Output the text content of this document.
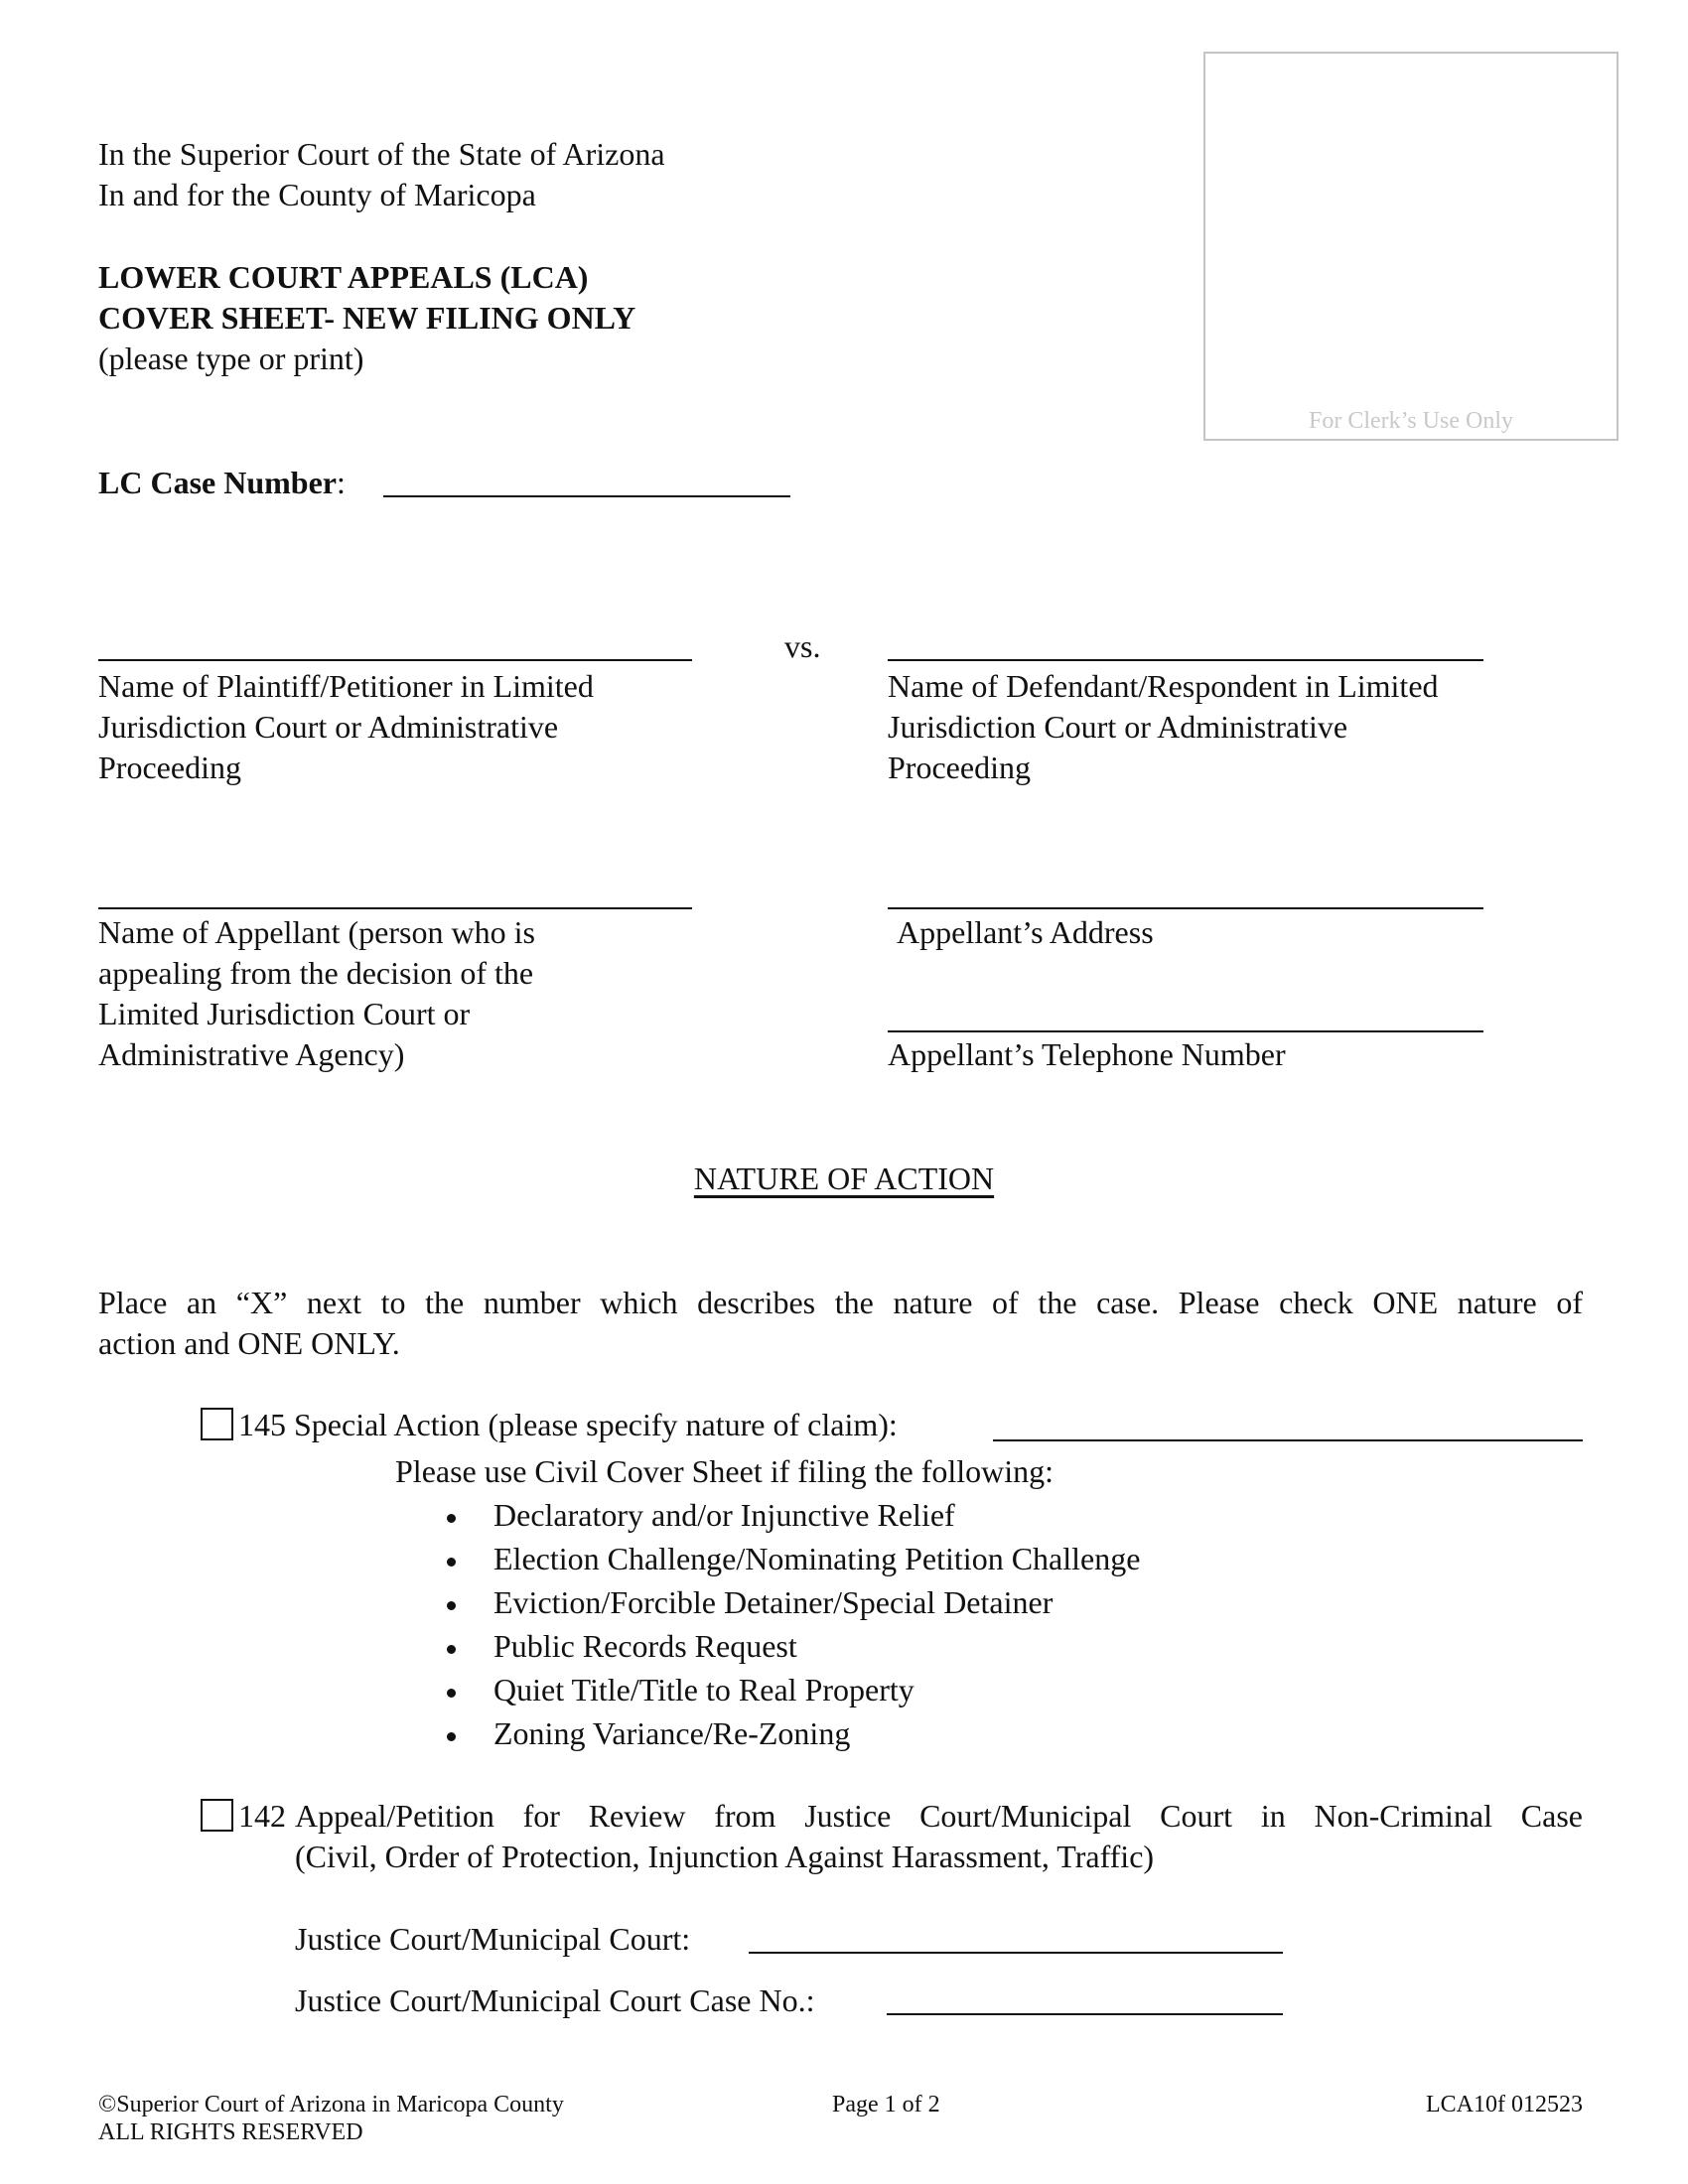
In the Superior Court of the State of Arizona
In and for the County of Maricopa
LOWER COURT APPEALS (LCA)
COVER SHEET- NEW FILING ONLY
(please type or print)
For Clerk’s Use Only
LC Case Number:
vs.
Name of Plaintiff/Petitioner in Limited
Jurisdiction Court or Administrative
Proceeding
Name of Defendant/Respondent in Limited
Jurisdiction Court or Administrative
Proceeding
Name of Appellant (person who is
appealing from the decision of the
Limited Jurisdiction Court or
Administrative Agency)
Appellant’s Address
Appellant’s Telephone Number
NATURE OF ACTION
Place an “X” next to the number which describes the nature of the case. Please check ONE nature of
action and ONE ONLY.
145 Special Action (please specify nature of claim):
Please use Civil Cover Sheet if filing the following:
Declaratory and/or Injunctive Relief
Election Challenge/Nominating Petition Challenge
Eviction/Forcible Detainer/Special Detainer
Public Records Request
Quiet Title/Title to Real Property
Zoning Variance/Re-Zoning
142 Appeal/Petition for Review from Justice Court/Municipal Court in Non-Criminal Case
(Civil, Order of Protection, Injunction Against Harassment, Traffic)
Justice Court/Municipal Court:
Justice Court/Municipal Court Case No.:
©Superior Court of Arizona in Maricopa County
ALL RIGHTS RESERVED
Page 1 of 2	LCA10f 012523
